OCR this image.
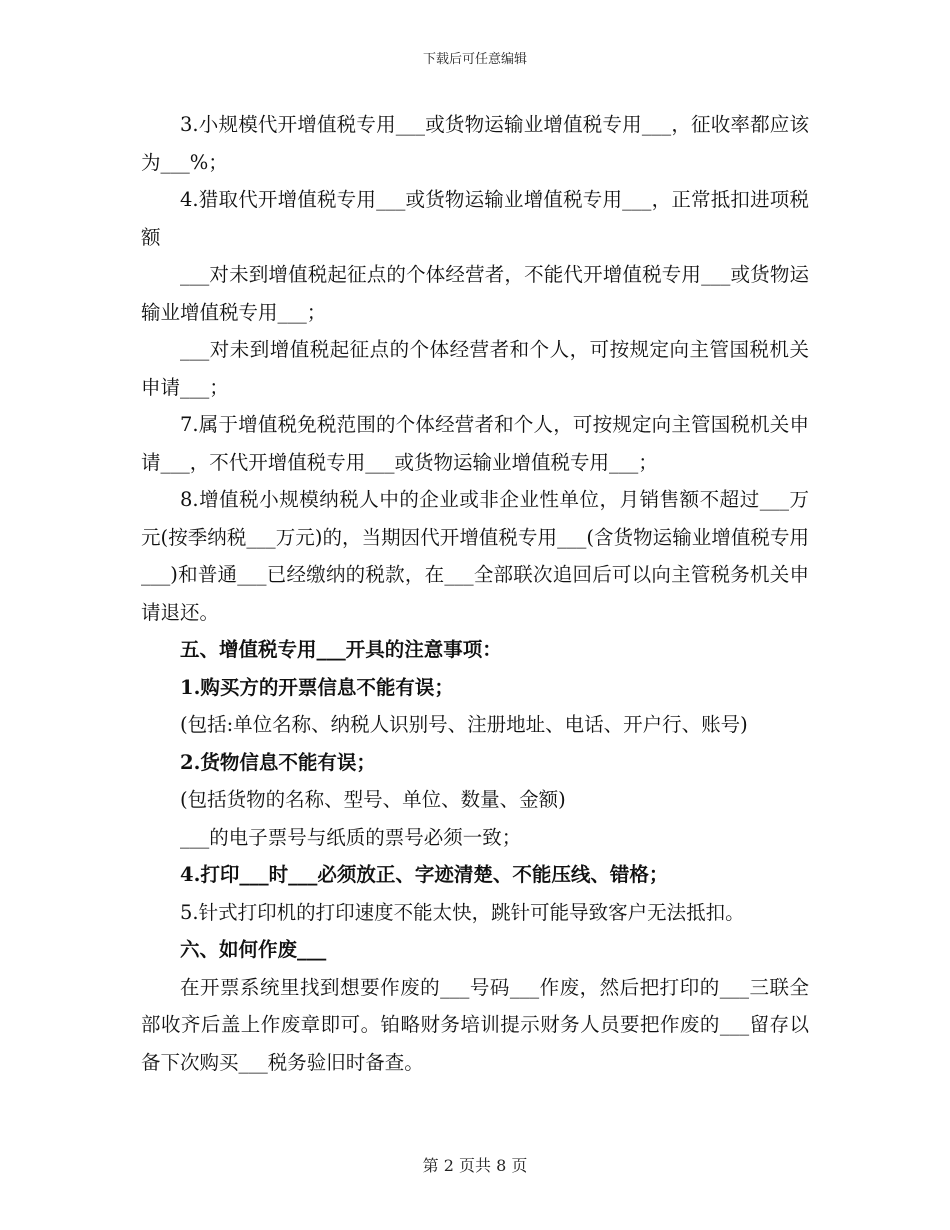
下载后可任意编辑

3.小规模代开增值税专用___或货物运输业增值税专用___，征收率都应该为___%；

4.猎取代开增值税专用___或货物运输业增值税专用___，正常抵扣进项税额

___对未到增值税起征点的个体经营者，不能代开增值税专用___或货物运输业增值税专用___；

___对未到增值税起征点的个体经营者和个人，可按规定向主管国税机关申请___；

7.属于增值税免税范围的个体经营者和个人，可按规定向主管国税机关申请___，不代开增值税专用___或货物运输业增值税专用___；

8.增值税小规模纳税人中的企业或非企业性单位，月销售额不超过___万元(按季纳税___万元)的，当期因代开增值税专用___(含货物运输业增值税专用___)和普通___已经缴纳的税款，在___全部联次追回后可以向主管税务机关申请退还。

五、增值税专用___开具的注意事项：

1.购买方的开票信息不能有误；

(包括:单位名称、纳税人识别号、注册地址、电话、开户行、账号)

2.货物信息不能有误；

(包括货物的名称、型号、单位、数量、金额)

___的电子票号与纸质的票号必须一致；

4.打印___时___必须放正、字迹清楚、不能压线、错格；

5.针式打印机的打印速度不能太快，跳针可能导致客户无法抵扣。

六、如何作废___

在开票系统里找到想要作废的___号码___作废，然后把打印的___三联全部收齐后盖上作废章即可。铂略财务培训提示财务人员要把作废的___留存以备下次购买___税务验旧时备查。

第 2 页共 8 页
